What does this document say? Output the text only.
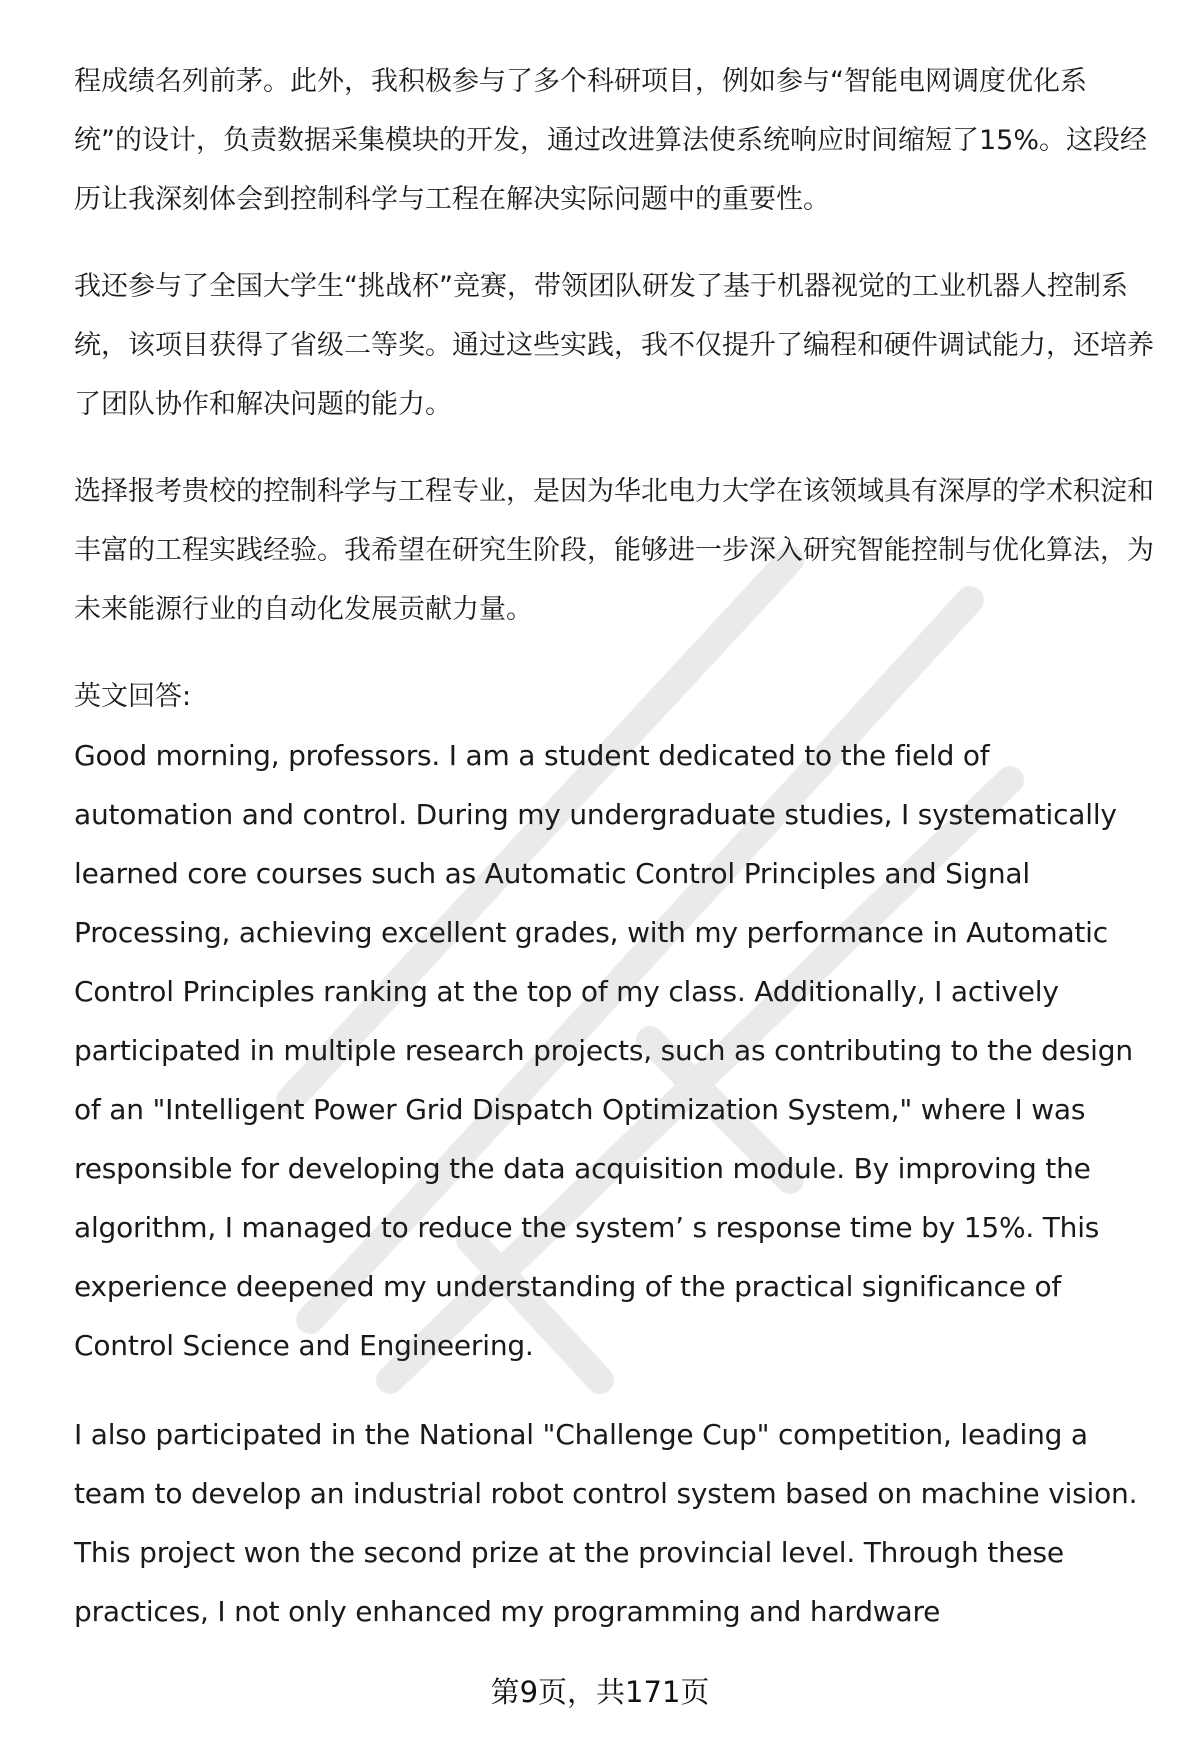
程成绩名列前茅。此外，我积极参与了多个科研项目，例如参与“智能电网调度优化系统”的设计，负责数据采集模块的开发，通过改进算法使系统响应时间缩短了15%。这段经历让我深刻体会到控制科学与工程在解决实际问题中的重要性。

我还参与了全国大学生“挑战杯”竞赛，带领团队研发了基于机器视觉的工业机器人控制系统，该项目获得了省级二等奖。通过这些实践，我不仅提升了编程和硬件调试能力，还培养了团队协作和解决问题的能力。

选择报考贵校的控制科学与工程专业，是因为华北电力大学在该领域具有深厚的学术积淀和丰富的工程实践经验。我希望在研究生阶段，能够进一步深入研究智能控制与优化算法，为未来能源行业的自动化发展贡献力量。

英文回答:

Good morning, professors. I am a student dedicated to the field of automation and control. During my undergraduate studies, I systematically learned core courses such as Automatic Control Principles and Signal Processing, achieving excellent grades, with my performance in Automatic Control Principles ranking at the top of my class. Additionally, I actively participated in multiple research projects, such as contributing to the design of an "Intelligent Power Grid Dispatch Optimization System," where I was responsible for developing the data acquisition module. By improving the algorithm, I managed to reduce the system’ s response time by 15%. This experience deepened my understanding of the practical significance of Control Science and Engineering.

I also participated in the National "Challenge Cup" competition, leading a team to develop an industrial robot control system based on machine vision. This project won the second prize at the provincial level. Through these practices, I not only enhanced my programming and hardware

第9页，共171页
